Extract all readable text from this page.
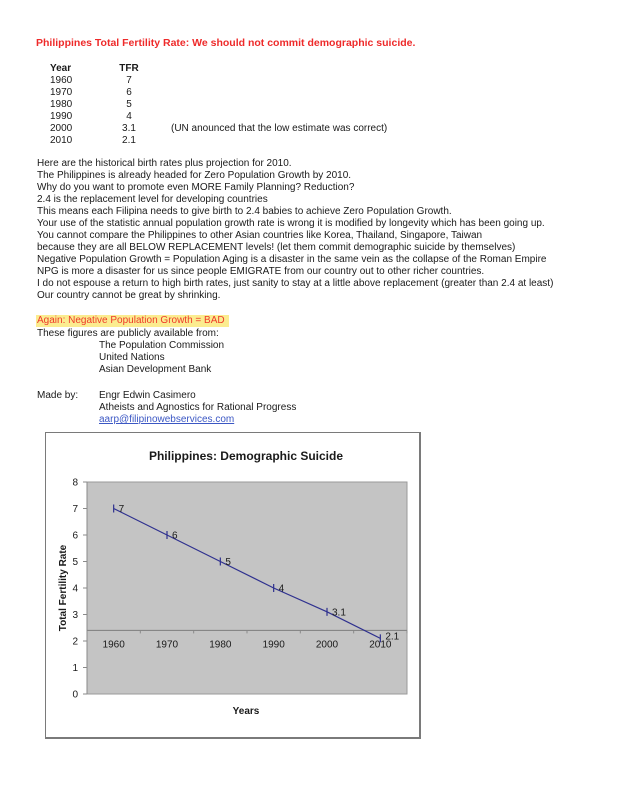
Philippines Total Fertility Rate: We should not commit demographic suicide.
Year	TFR	
1960	7	
1970	6	
1980	5	
1990	4	
2000	3.1	(UN anounced that the low estimate was correct)
2010	2.1	
Here are the historical birth rates plus projection for 2010.
The Philippines is already headed for Zero Population Growth by 2010.
Why do you want to promote even MORE Family Planning? Reduction?
2.4 is the replacement level for developing countries
This means each Filipina needs to give birth to 2.4 babies to achieve Zero Population Growth.
Your use of the statistic annual population growth rate is wrong it is modified by longevity which has been going up.
You cannot compare the Philippines to other Asian countries like Korea, Thailand, Singapore, Taiwan
because they are all BELOW REPLACEMENT levels! (let them commit demographic suicide by themselves)
Negative Population Growth = Population Aging is a disaster in the same vein as the collapse of the Roman Empire
NPG is more a disaster for us since people EMIGRATE from our country out to other richer countries.
I do not espouse a return to high birth rates, just sanity to stay at a little above replacement (greater than 2.4 at least)
Our country cannot be great by shrinking.
Again: Negative Population Growth = BAD
These figures are publicly available from:
The Population Commission
United Nations
Asian Development Bank
Made by:	Engr Edwin Casimero
Atheists and Agnostics for Rational Progress
aarp@filipinowebservices.com
Philippines: Demographic Suicide
0
1
2
3
4
5
6
7
8
1960	1970	1980	1990	2000	2010
7
6
5
4
3.1
2.1
Total Fertility Rate
Years
